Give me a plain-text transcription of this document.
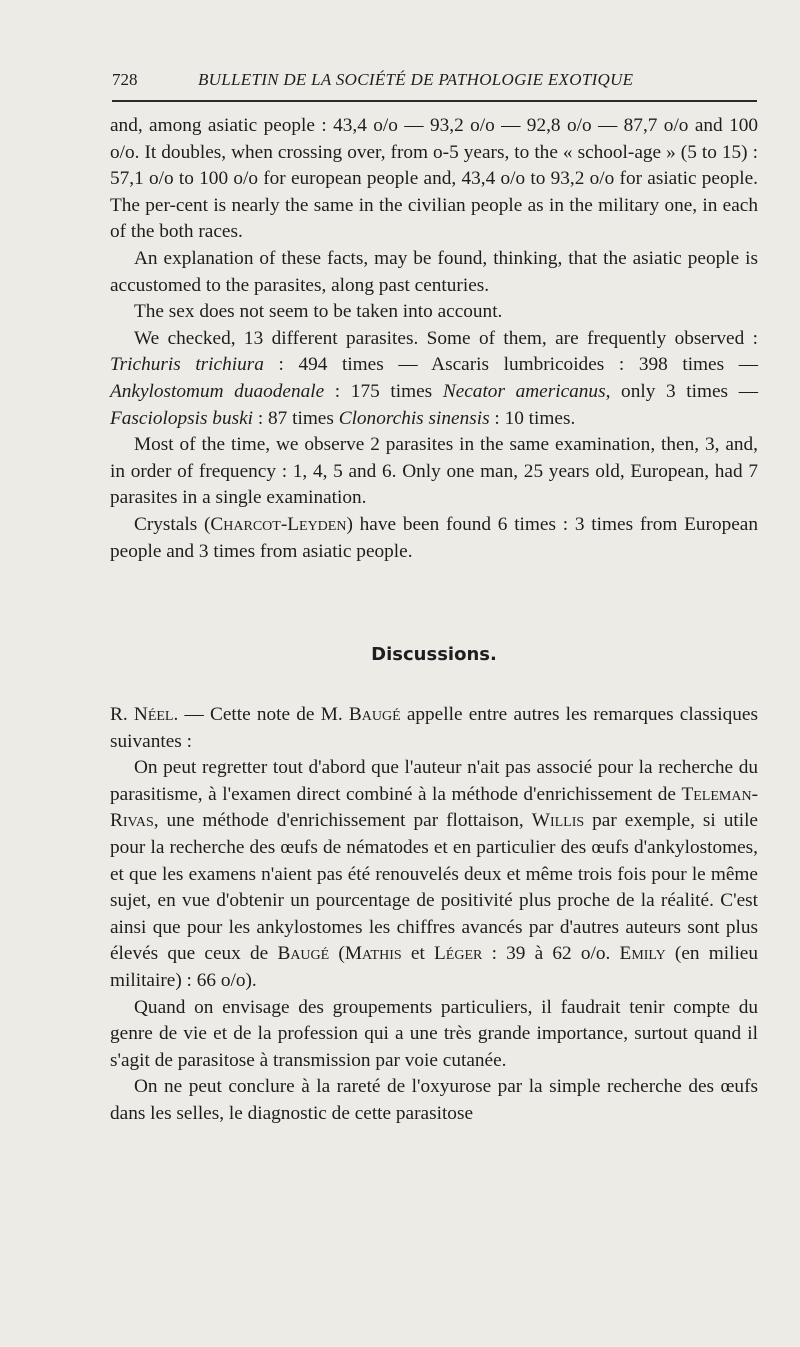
728	BULLETIN DE LA SOCIÉTÉ DE PATHOLOGIE EXOTIQUE

and, among asiatic people : 43,4 o/o — 93,2 o/o — 92,8 o/o — 87,7 o/o and 100 o/o. It doubles, when crossing over, from o-5 years, to the « school-age » (5 to 15) : 57,1 o/o to 100 o/o for european people and, 43,4 o/o to 93,2 o/o for asiatic people. The per-cent is nearly the same in the civilian people as in the military one, in each of the both races.

An explanation of these facts, may be found, thinking, that the asiatic people is accustomed to the parasites, along past centuries.

The sex does not seem to be taken into account.

We checked, 13 different parasites. Some of them, are frequently observed : Trichuris trichiura : 494 times — Ascaris lumbricoides : 398 times — Ankylostomum duaodenale : 175 times Necator americanus, only 3 times — Fasciolopsis buski : 87 times Clonorchis sinensis : 10 times.

Most of the time, we observe 2 parasites in the same examination, then, 3, and, in order of frequency : 1, 4, 5 and 6. Only one man, 25 years old, European, had 7 parasites in a single examination.

Crystals (Charcot-Leyden) have been found 6 times : 3 times from European people and 3 times from asiatic people.

Discussions.

R. Néel. — Cette note de M. Baugé appelle entre autres les remarques classiques suivantes :

On peut regretter tout d'abord que l'auteur n'ait pas associé pour la recherche du parasitisme, à l'examen direct combiné à la méthode d'enrichissement de Teleman-Rivas, une méthode d'enrichissement par flottaison, Willis par exemple, si utile pour la recherche des œufs de nématodes et en particulier des œufs d'ankylostomes, et que les examens n'aient pas été renouvelés deux et même trois fois pour le même sujet, en vue d'obtenir un pourcentage de positivité plus proche de la réalité. C'est ainsi que pour les ankylostomes les chiffres avancés par d'autres auteurs sont plus élevés que ceux de Baugé (Mathis et Léger : 39 à 62 o/o. Emily (en milieu militaire) : 66 o/o).

Quand on envisage des groupements particuliers, il faudrait tenir compte du genre de vie et de la profession qui a une très grande importance, surtout quand il s'agit de parasitose à transmission par voie cutanée.

On ne peut conclure à la rareté de l'oxyurose par la simple recherche des œufs dans les selles, le diagnostic de cette parasitose
